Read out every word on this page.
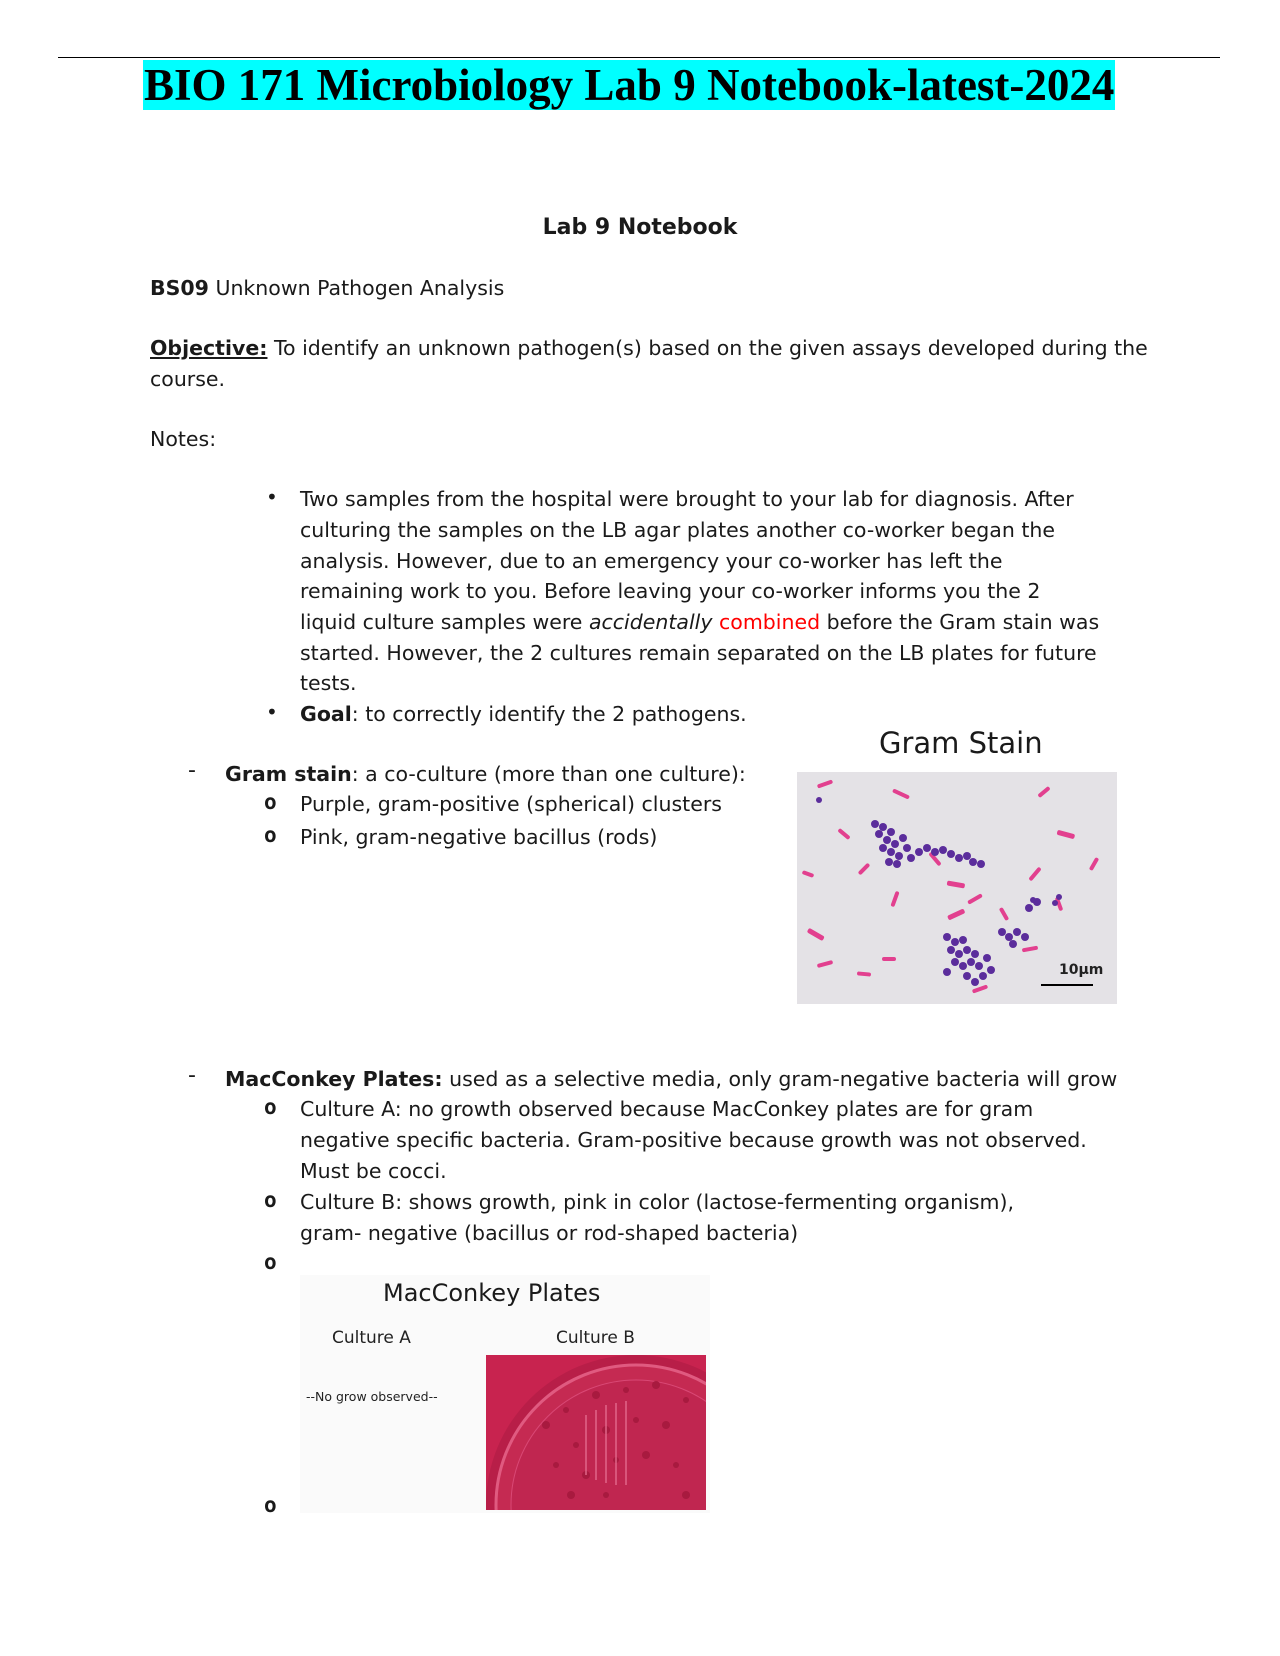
BIO 171 Microbiology Lab 9 Notebook-latest-2024
Lab 9 Notebook
BS09 Unknown Pathogen Analysis
Objective: To identify an unknown pathogen(s) based on the given assays developed during the
course.
Notes:
• Two samples from the hospital were brought to your lab for diagnosis. After
culturing the samples on the LB agar plates another co-worker began the
analysis. However, due to an emergency your co-worker has left the
remaining work to you. Before leaving your co-worker informs you the 2
liquid culture samples were accidentally combined before the Gram stain was
started. However, the 2 cultures remain separated on the LB plates for future
tests.
• Goal: to correctly identify the 2 pathogens.
- Gram stain: a co-culture (more than one culture):
o Purple, gram-positive (spherical) clusters
o Pink, gram-negative bacillus (rods)
Gram Stain
10µm
- MacConkey Plates: used as a selective media, only gram-negative bacteria will grow
o Culture A: no growth observed because MacConkey plates are for gram
negative specific bacteria. Gram-positive because growth was not observed.
Must be cocci.
o Culture B: shows growth, pink in color (lactose-fermenting organism),
gram- negative (bacillus or rod-shaped bacteria)
o
MacConkey Plates
Culture A	Culture B
--No grow observed--
o
